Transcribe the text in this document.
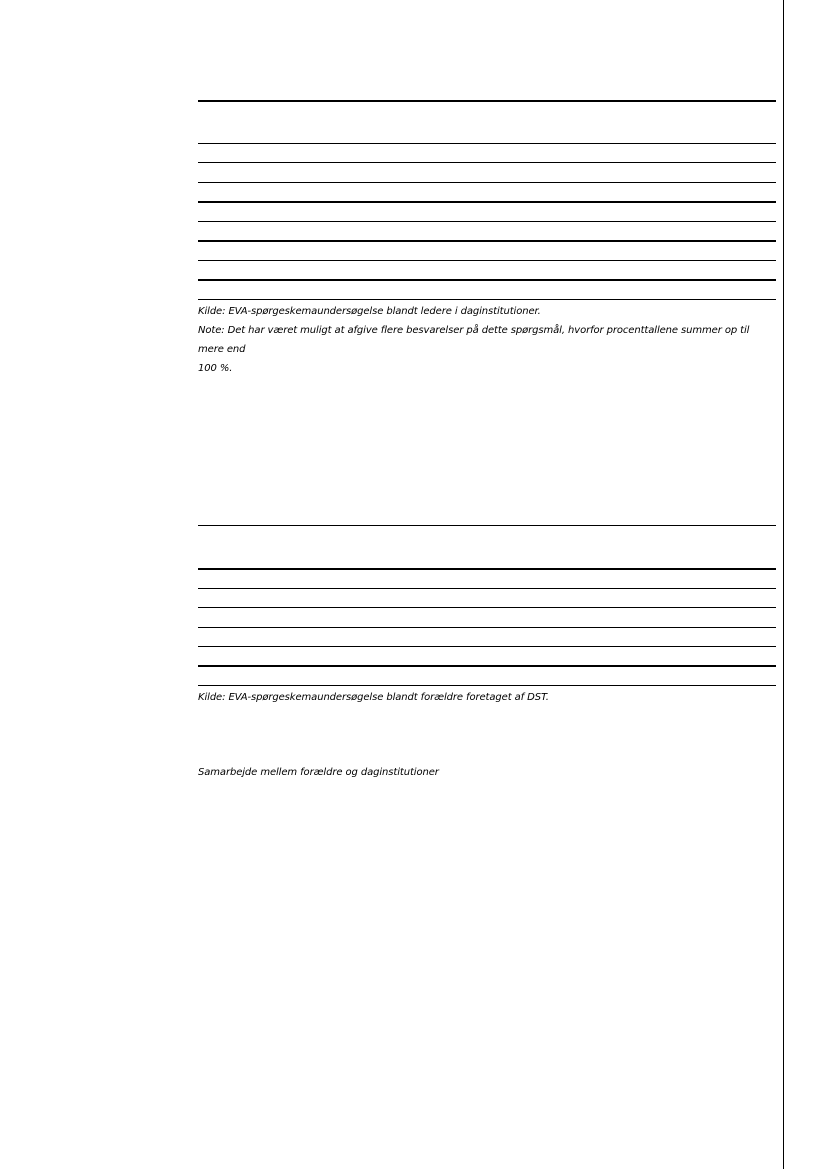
Kilde: EVA-spørgeskemaundersøgelse blandt ledere i daginstitutioner.
Note: Det har været muligt at afgive flere besvarelser på dette spørgsmål, hvorfor procenttallene summer op til mere end
100 %.
Kilde: EVA-spørgeskemaundersøgelse blandt forældre foretaget af DST.
Samarbejde mellem forældre og daginstitutioner
